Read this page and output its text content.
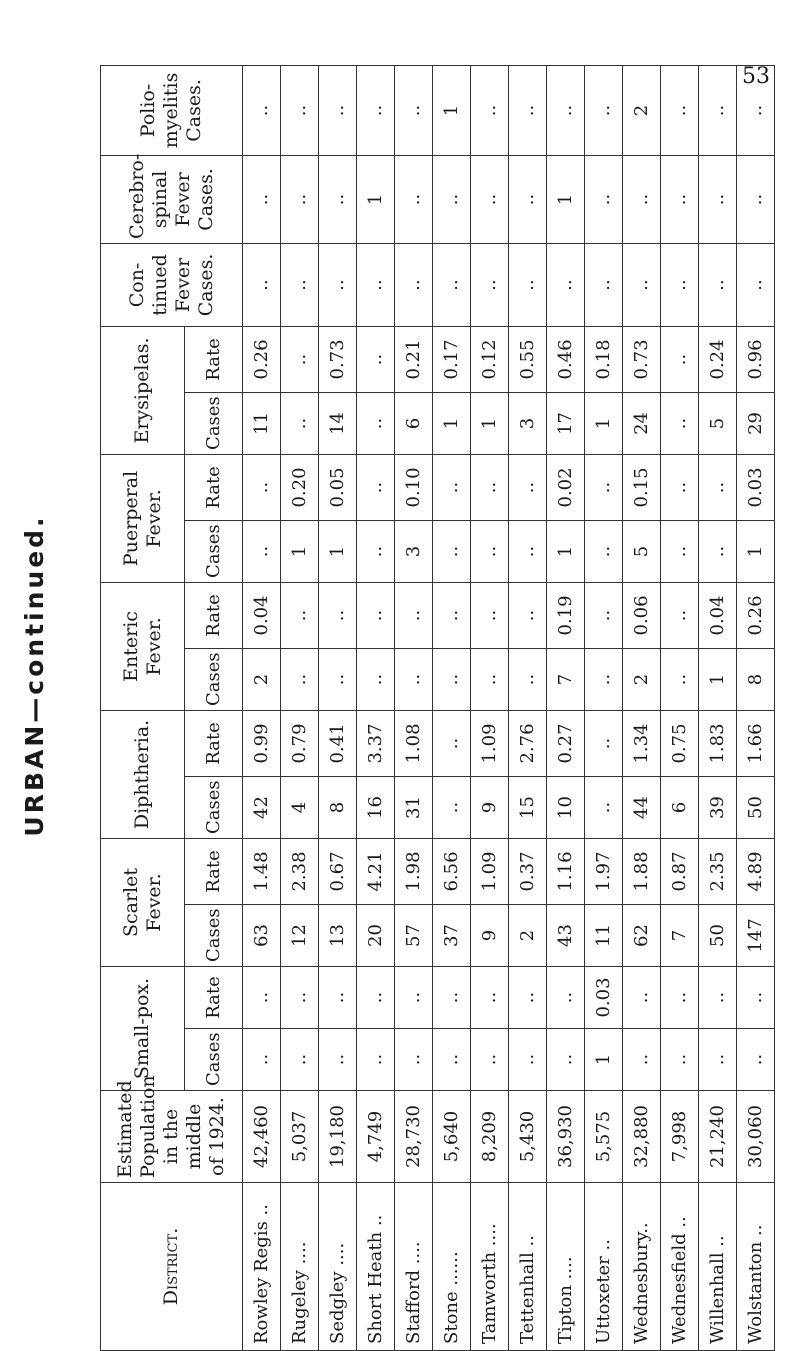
53
URBAN—continued.
District.	Estimated Population in the middle of 1924.	Small-pox.		Scarlet Fever.		Diphtheria.		Enteric Fever.		Puerperal Fever.		Erysipelas.		Con- tinued Fever Cases.	Cerebro- spinal Fever Cases.	Polio- myelitis Cases.
		Cases	Rate	Cases	Rate	Cases	Rate	Cases	Rate	Cases	Rate	Cases	Rate			
Rowley Regis ..	42,460	..	..	63	1.48	42	0.99	2	0.04	..	..	11	0.26	..	..	..
Rugeley ....	5,037	..	..	12	2.38	4	0.79	..	..	1	0.20	..	..	..	..	..
Sedgley ....	19,180	..	..	13	0.67	8	0.41	..	..	1	0.05	14	0.73	..	..	..
Short Heath ..	4,749	..	..	20	4.21	16	3.37	..	..	..	..	..	..	..	1	..
Stafford ....	28,730	..	..	57	1.98	31	1.08	..	..	3	0.10	6	0.21	..	..	..
Stone ......	5,640	..	..	37	6.56	..	..	..	..	..	..	1	0.17	..	..	1
Tamworth ....	8,209	..	..	9	1.09	9	1.09	..	..	..	..	1	0.12	..	..	..
Tettenhall ..	5,430	..	..	2	0.37	15	2.76	..	..	..	..	3	0.55	..	..	..
Tipton ....	36,930	..	..	43	1.16	10	0.27	7	0.19	1	0.02	17	0.46	..	1	..
Uttoxeter ..	5,575	1	0.03	11	1.97	..	..	..	..	..	..	1	0.18	..	..	..
Wednesbury..	32,880	..	..	62	1.88	44	1.34	2	0.06	5	0.15	24	0.73	..	..	2
Wednesfield ..	7,998	..	..	7	0.87	6	0.75	..	..	..	..	..	..	..	..	..
Willenhall ..	21,240	..	..	50	2.35	39	1.83	1	0.04	..	..	5	0.24	..	..	..
Wolstanton ..	30,060	..	..	147	4.89	50	1.66	8	0.26	1	0.03	29	0.96	..	..	..
